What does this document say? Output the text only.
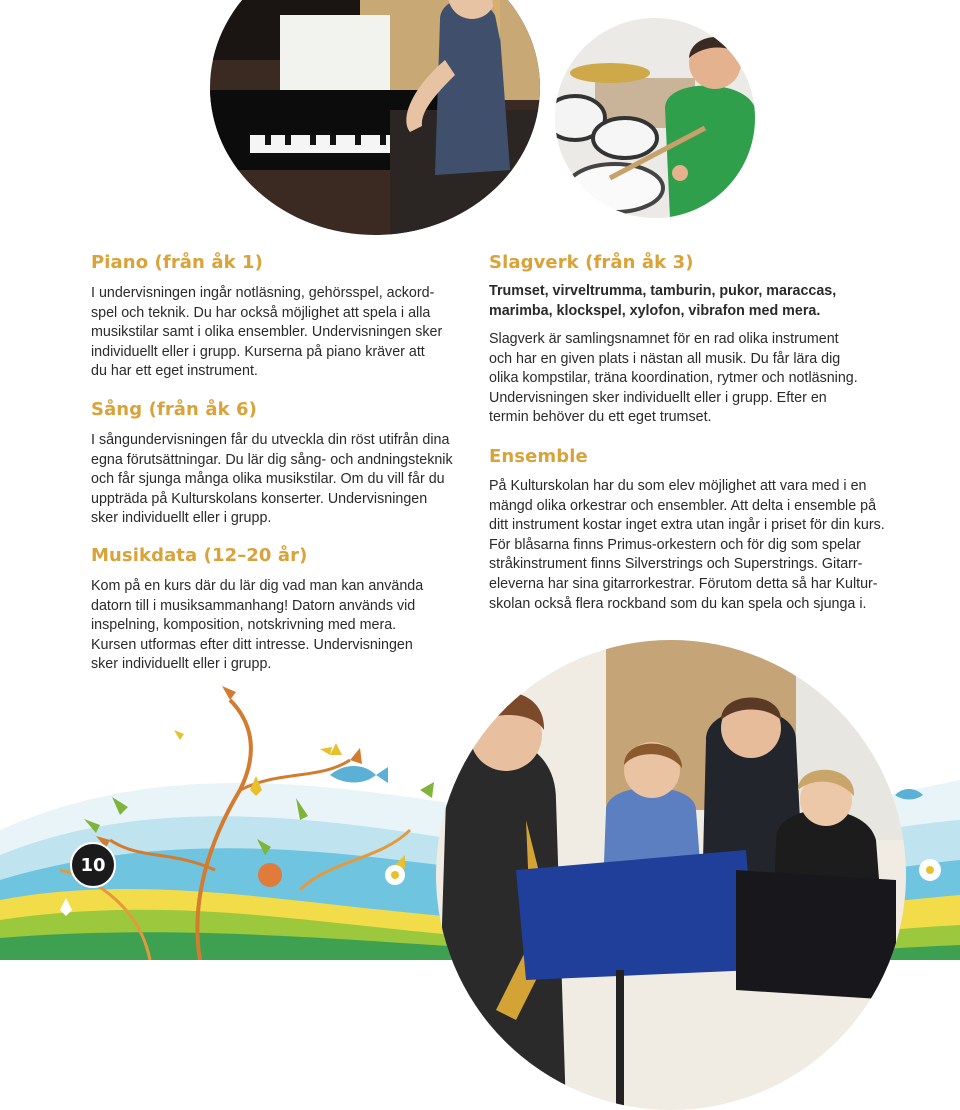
Piano (från åk 1)
I undervisningen ingår notläsning, gehörsspel, ackord-
spel och teknik. Du har också möjlighet att spela i alla
musikstilar samt i olika ensembler. Undervisningen sker
individuellt eller i grupp. Kurserna på piano kräver att
du har ett eget instrument.
Sång (från åk 6)
I sångundervisningen får du utveckla din röst utifrån dina
egna förutsättningar. Du lär dig sång- och andningsteknik
och får sjunga många olika musikstilar. Om du vill får du
uppträda på Kulturskolans konserter. Undervisningen
sker individuellt eller i grupp.
Musikdata (12–20 år)
Kom på en kurs där du lär dig vad man kan använda
datorn till i musiksammanhang! Datorn används vid
inspelning, komposition, notskrivning med mera.
Kursen utformas efter ditt intresse. Undervisningen
sker individuellt eller i grupp.
Slagverk (från åk 3)
Trumset, virveltrumma, tamburin, pukor, maraccas,
marimba, klockspel, xylofon, vibrafon med mera.
Slagverk är samlingsnamnet för en rad olika instrument
och har en given plats i nästan all musik. Du får lära dig
olika kompstilar, träna koordination, rytmer och notläsning.
Undervisningen sker individuellt eller i grupp. Efter en
termin behöver du ett eget trumset.
Ensemble
På Kulturskolan har du som elev möjlighet att vara med i en
mängd olika orkestrar och ensembler. Att delta i ensemble på
ditt instrument kostar inget extra utan ingår i priset för din kurs.
För blåsarna finns Primus-orkestern och för dig som spelar
stråkinstrument finns Silverstrings och Superstrings. Gitarr-
eleverna har sina gitarrorkestrar. Förutom detta så har Kultur-
skolan också flera rockband som du kan spela och sjunga i.
10
